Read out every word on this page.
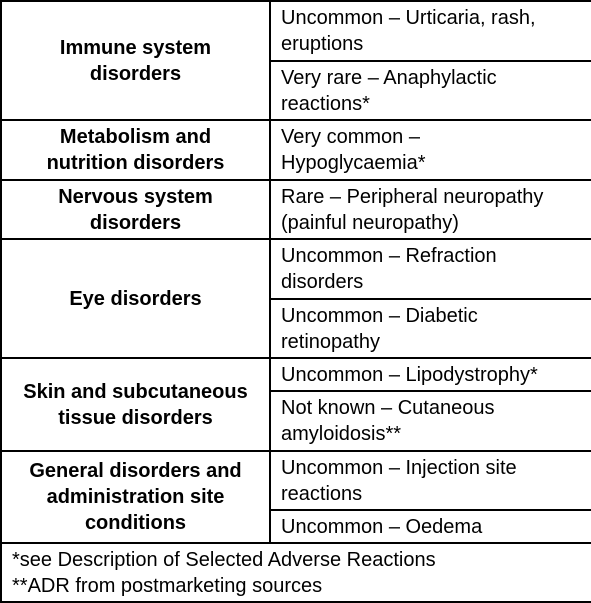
Immune system
disorders	Uncommon – Urticaria, rash,
eruptions

	Very rare – Anaphylactic
reactions*

Metabolism and
nutrition disorders	Very common –
Hypoglycaemia*

Nervous system
disorders	Rare – Peripheral neuropathy
(painful neuropathy)

Eye disorders	Uncommon – Refraction
disorders

	Uncommon – Diabetic
retinopathy

Skin and subcutaneous
tissue disorders	Uncommon – Lipodystrophy*

	Not known – Cutaneous
amyloidosis**

General disorders and
administration site
conditions	Uncommon – Injection site
reactions

	Uncommon – Oedema

*see Description of Selected Adverse Reactions
**ADR from postmarketing sources	
